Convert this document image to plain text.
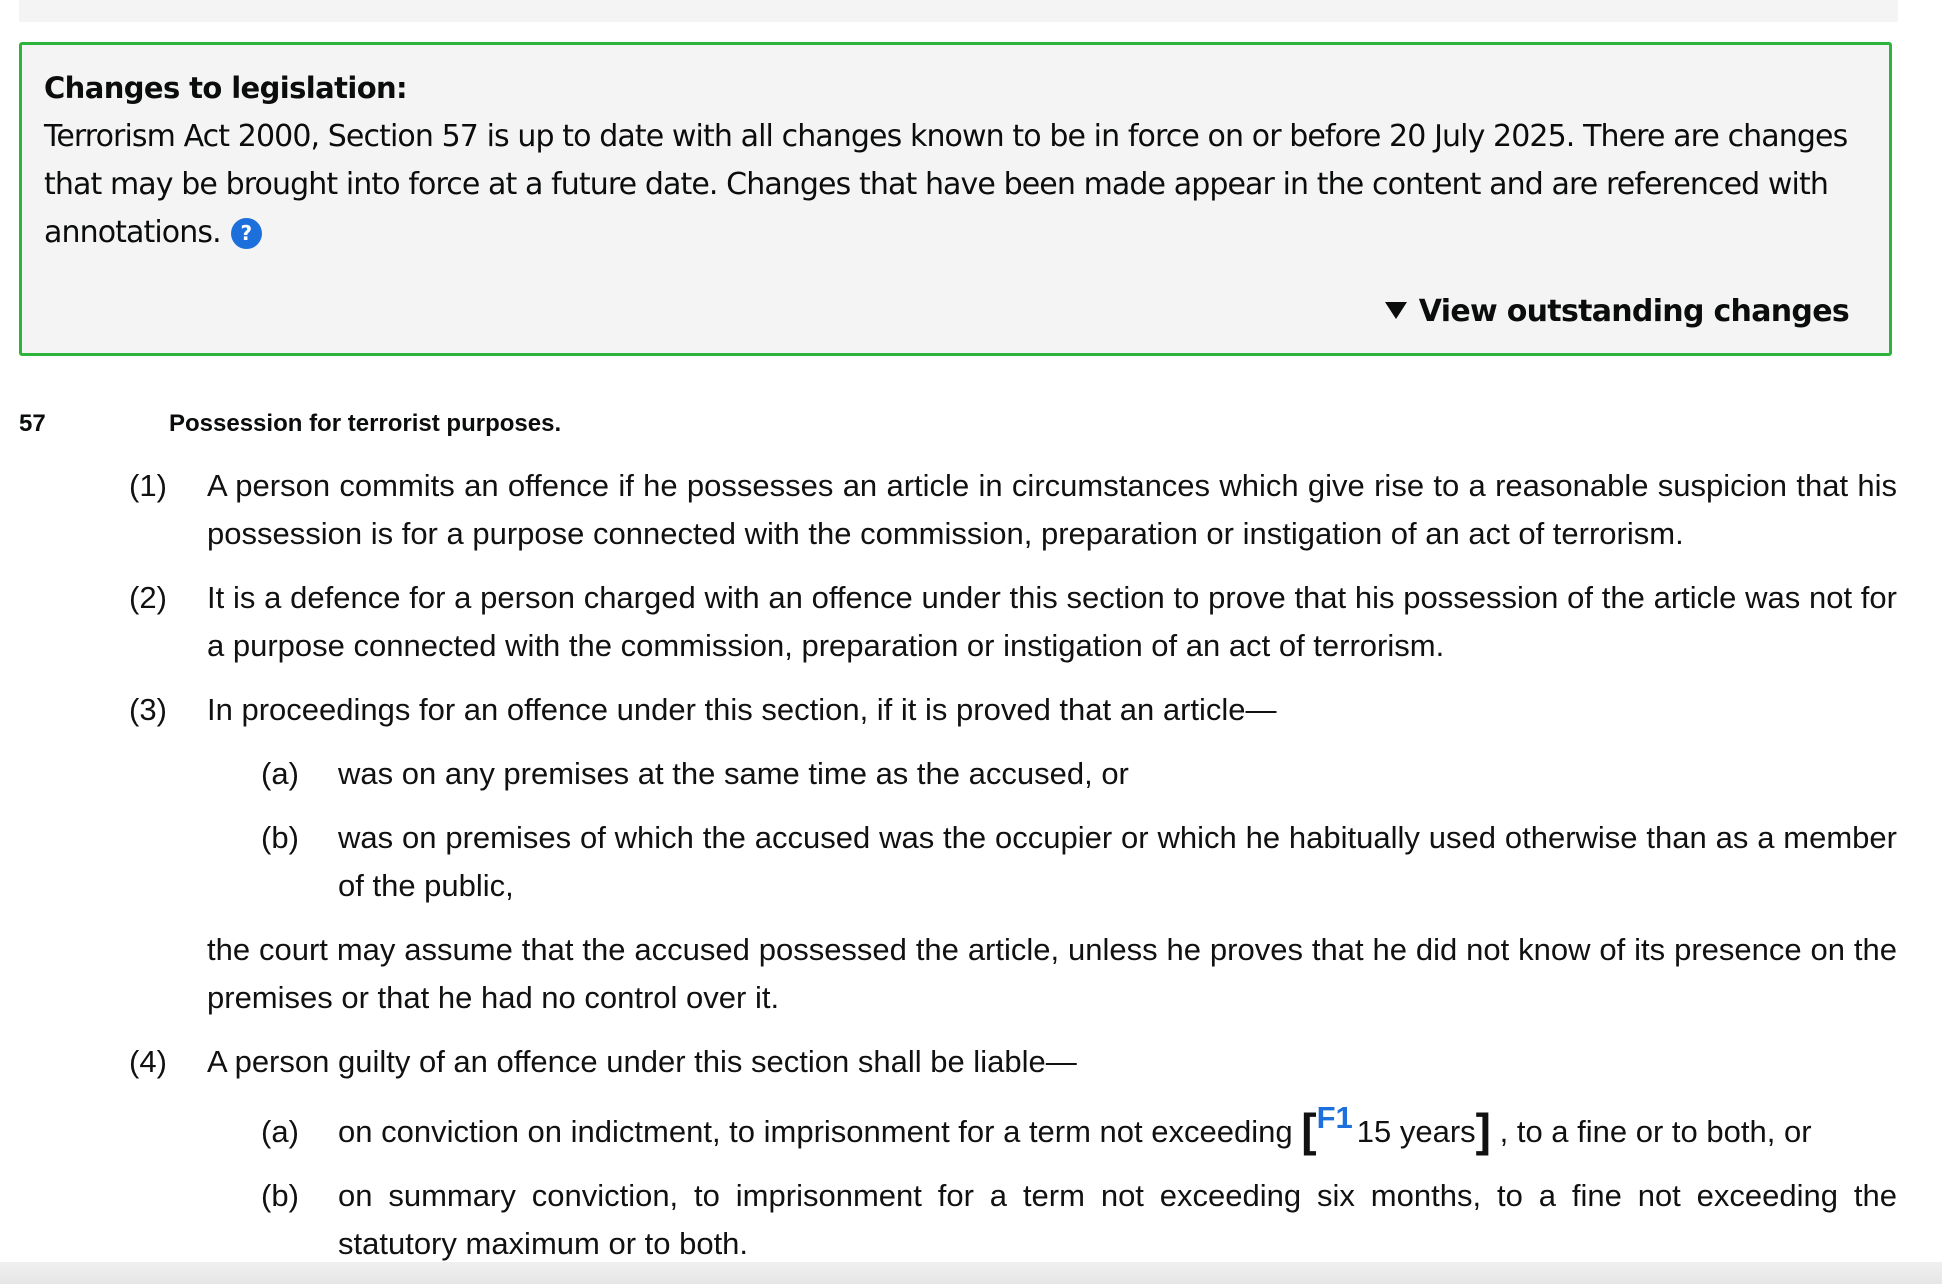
Changes to legislation:
Terrorism Act 2000, Section 57 is up to date with all changes known to be in force on or before 20 July 2025. There are changes that may be brought into force at a future date. Changes that have been made appear in the content and are referenced with annotations. ?
View outstanding changes
57	Possession for terrorist purposes.
(1) A person commits an offence if he possesses an article in circumstances which give rise to a reasonable suspicion that his possession is for a purpose connected with the commission, preparation or instigation of an act of terrorism.
(2) It is a defence for a person charged with an offence under this section to prove that his possession of the article was not for a purpose connected with the commission, preparation or instigation of an act of terrorism.
(3) In proceedings for an offence under this section, if it is proved that an article—
(a) was on any premises at the same time as the accused, or
(b) was on premises of which the accused was the occupier or which he habitually used otherwise than as a member of the public,
the court may assume that the accused possessed the article, unless he proves that he did not know of its presence on the premises or that he had no control over it.
(4) A person guilty of an offence under this section shall be liable—
(a) on conviction on indictment, to imprisonment for a term not exceeding [F1 15 years] , to a fine or to both, or
(b) on summary conviction, to imprisonment for a term not exceeding six months, to a fine not exceeding the statutory maximum or to both.
